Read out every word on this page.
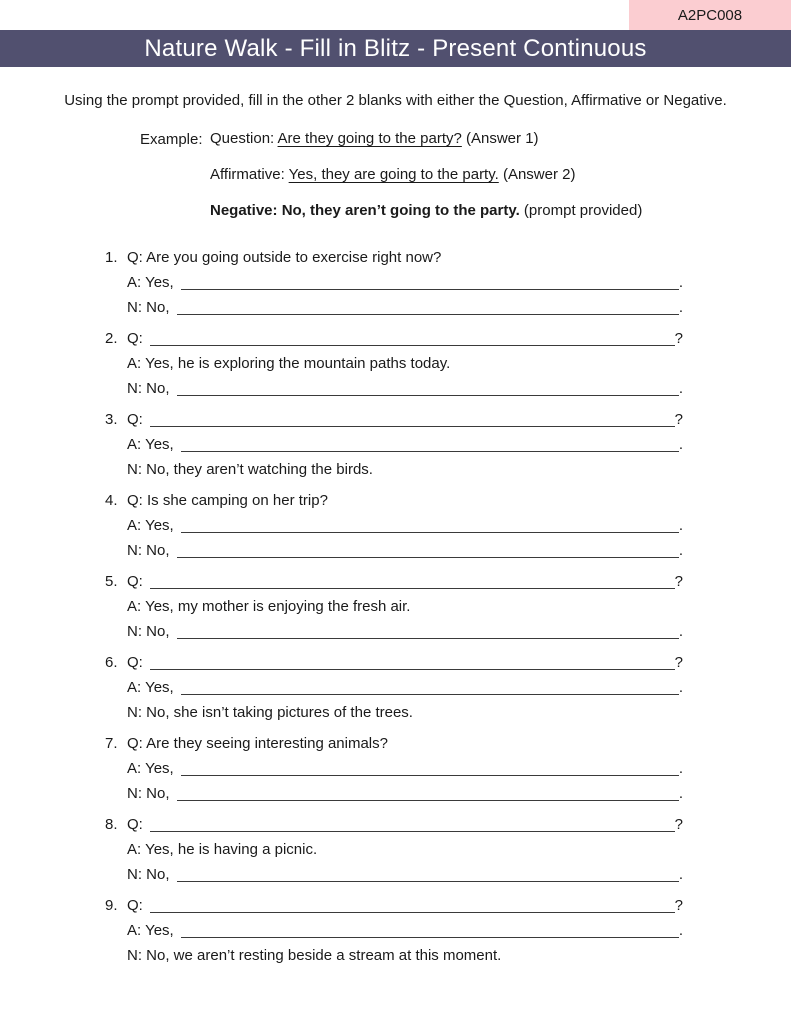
A2PC008
Nature Walk - Fill in Blitz - Present Continuous
Using the prompt provided, fill in the other 2 blanks with either the Question, Affirmative or Negative.
Example: Question: Are they going to the party? (Answer 1)
Affirmative: Yes, they are going to the party. (Answer 2)
Negative: No, they aren’t going to the party. (prompt provided)
1. Q: Are you going outside to exercise right now?
A: Yes,	.
N: No,	.
2. Q:	?
A: Yes, he is exploring the mountain paths today.
N: No,	.
3. Q:	?
A: Yes,	.
N: No, they aren’t watching the birds.
4. Q: Is she camping on her trip?
A: Yes,	.
N: No,	.
5. Q:	?
A: Yes, my mother is enjoying the fresh air.
N: No,	.
6. Q:	?
A: Yes,	.
N: No, she isn’t taking pictures of the trees.
7. Q: Are they seeing interesting animals?
A: Yes,	.
N: No,	.
8. Q:	?
A: Yes, he is having a picnic.
N: No,	.
9. Q:	?
A: Yes,	.
N: No, we aren’t resting beside a stream at this moment.
